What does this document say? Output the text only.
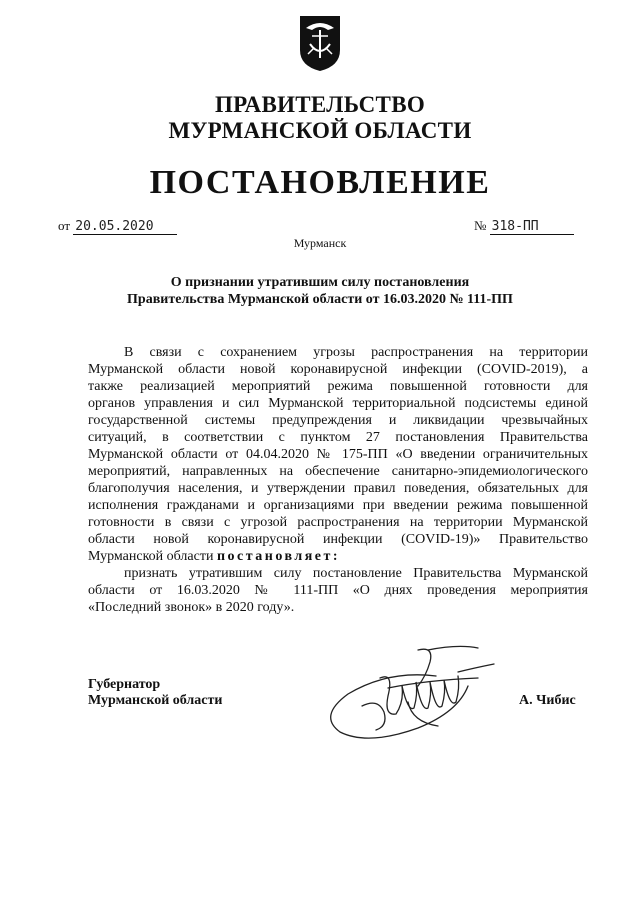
ПРАВИТЕЛЬСТВО
МУРМАНСКОЙ ОБЛАСТИ
ПОСТАНОВЛЕНИЕ
от 20.05.2020	№ 318-ПП
Мурманск
О признании утратившим силу постановления
Правительства Мурманской области от 16.03.2020 № 111-ПП
В связи с сохранением угрозы распространения на территории
Мурманской области новой коронавирусной инфекции (COVID-2019), а
также реализацией мероприятий режима повышенной готовности для
органов управления и сил Мурманской территориальной подсистемы единой
государственной системы предупреждения и ликвидации чрезвычайных
ситуаций, в соответствии с пунктом 27 постановления Правительства
Мурманской области от 04.04.2020 № 175-ПП «О введении ограничительных
мероприятий, направленных на обеспечение санитарно-эпидемиологического
благополучия населения, и утверждении правил поведения, обязательных для
исполнения гражданами и организациями при введении режима повышенной
готовности в связи с угрозой распространения на территории Мурманской
области новой коронавирусной инфекции (COVID-19)» Правительство
Мурманской области постановляет:
признать утратившим силу постановление Правительства Мурманской
области от 16.03.2020 № 111-ПП «О днях проведения мероприятия
«Последний звонок» в 2020 году».
Губернатор
Мурманской области	А. Чибис
